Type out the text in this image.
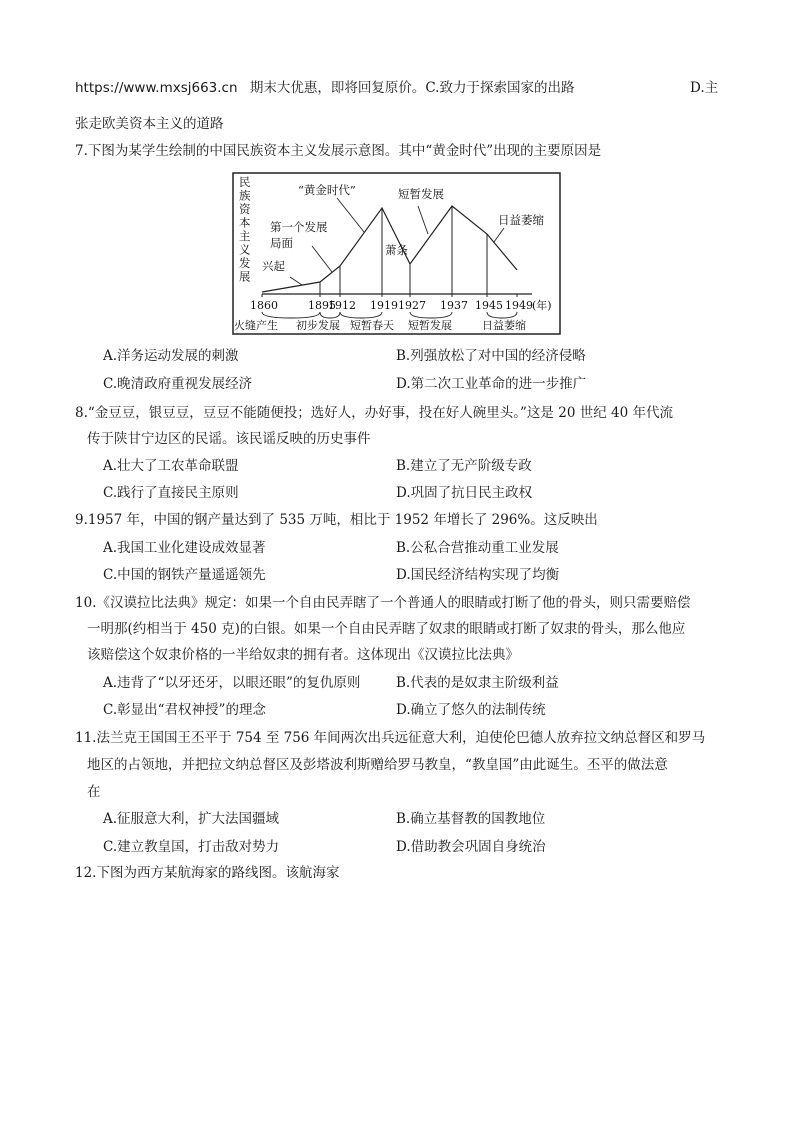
https://www.mxsj663.cn 期末大优惠，即将回复原价。C.致力于探索国家的出路	D.主
张走欧美资本主义的道路
7.下图为某学生绘制的中国民族资本主义发展示意图。其中“黄金时代”出现的主要原因是
民
族
资
本
主
义
发
展
兴起
第一个发展
局面
“黄金时代”
萧条
短暂发展
日益萎缩
1860	1895
1912 1919 1927 1937 1945 1949 (年)
火缝产生 初步发展 短暂春天 短暂发展	日益萎缩
A.洋务运动发展的刺激	B.列强放松了对中国的经济侵略
C.晚清政府重视发展经济	D.第二次工业革命的进一步推广
8.“金豆豆，银豆豆，豆豆不能随便投；选好人，办好事，投在好人碗里头。”这是 20 世纪 40 年代流
传于陕甘宁边区的民谣。该民谣反映的历史事件
A.壮大了工农革命联盟	B.建立了无产阶级专政
C.践行了直接民主原则	D.巩固了抗日民主政权
9.1957 年，中国的钢产量达到了 535 万吨，相比于 1952 年增长了 296%。这反映出
A.我国工业化建设成效显著	B.公私合营推动重工业发展
C.中国的钢铁产量遥遥领先	D.国民经济结构实现了均衡
10.《汉谟拉比法典》规定：如果一个自由民弄瞎了一个普通人的眼睛或打断了他的骨头，则只需要赔偿
一明那(约相当于 450 克)的白银。如果一个自由民弄瞎了奴隶的眼睛或打断了奴隶的骨头，那么他应
该赔偿这个奴隶价格的一半给奴隶的拥有者。这体现出《汉谟拉比法典》
A.违背了“以牙还牙，以眼还眼”的复仇原则	B.代表的是奴隶主阶级利益
C.彰显出“君权神授”的理念	D.确立了悠久的法制传统
11.法兰克王国国王丕平于 754 至 756 年间两次出兵远征意大利，迫使伦巴德人放弃拉文纳总督区和罗马
地区的占领地，并把拉文纳总督区及彭塔波利斯赠给罗马教皇，“教皇国”由此诞生。丕平的做法意
在
A.征服意大利，扩大法国疆域	B.确立基督教的国教地位
C.建立教皇国，打击敌对势力	D.借助教会巩固自身统治
12.下图为西方某航海家的路线图。该航海家
